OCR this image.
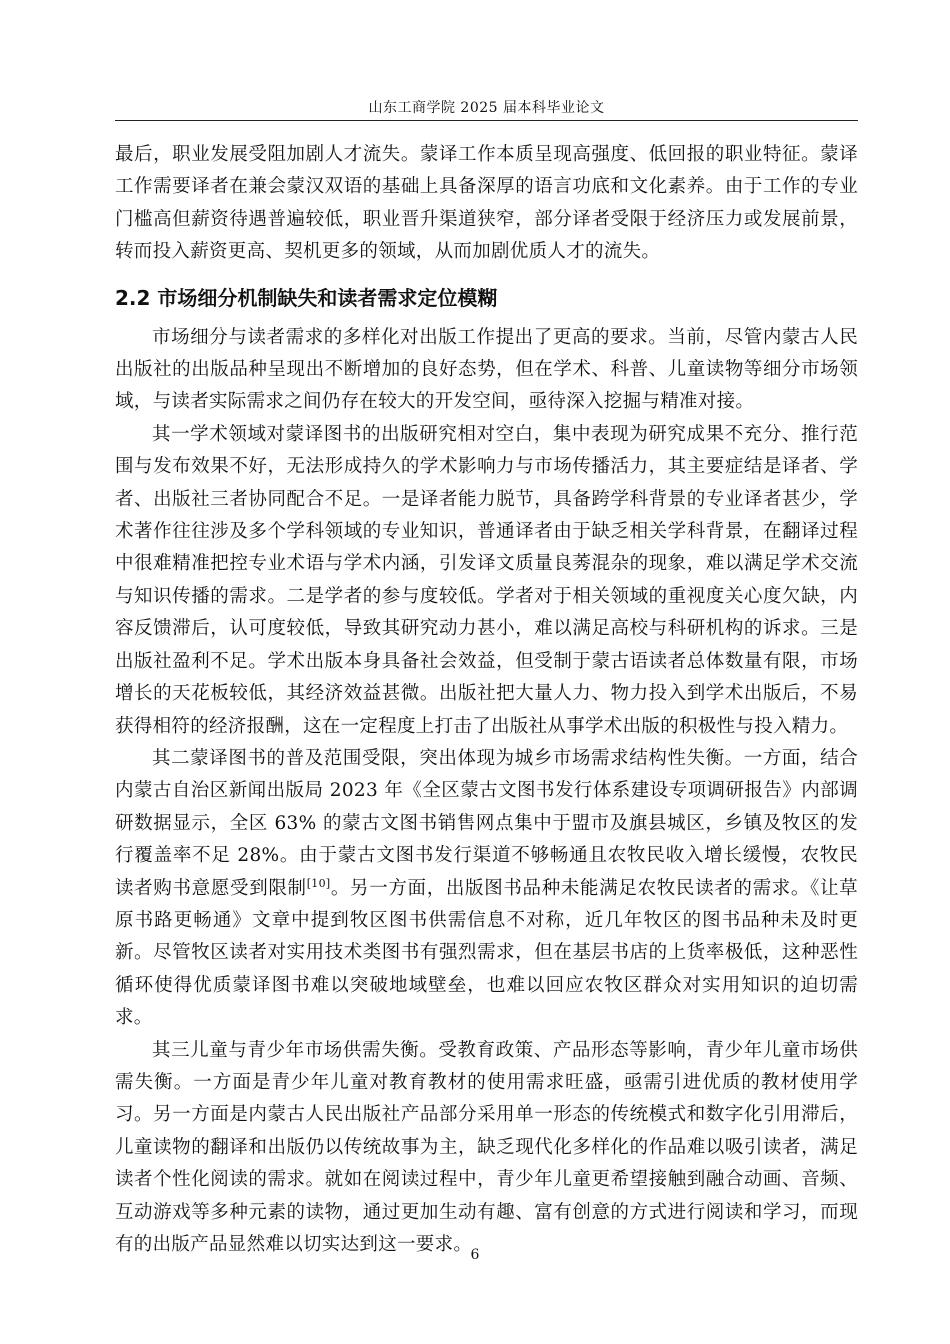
山东工商学院 2025 届本科毕业论文

最后，职业发展受阻加剧人才流失。蒙译工作本质呈现高强度、低回报的职业特征。蒙译工作需要译者在兼会蒙汉双语的基础上具备深厚的语言功底和文化素养。由于工作的专业门槛高但薪资待遇普遍较低，职业晋升渠道狭窄，部分译者受限于经济压力或发展前景，转而投入薪资更高、契机更多的领域，从而加剧优质人才的流失。

2.2 市场细分机制缺失和读者需求定位模糊

市场细分与读者需求的多样化对出版工作提出了更高的要求。当前，尽管内蒙古人民出版社的出版品种呈现出不断增加的良好态势，但在学术、科普、儿童读物等细分市场领域，与读者实际需求之间仍存在较大的开发空间，亟待深入挖掘与精准对接。

其一学术领域对蒙译图书的出版研究相对空白，集中表现为研究成果不充分、推行范围与发布效果不好，无法形成持久的学术影响力与市场传播活力，其主要症结是译者、学者、出版社三者协同配合不足。一是译者能力脱节，具备跨学科背景的专业译者甚少，学术著作往往涉及多个学科领域的专业知识，普通译者由于缺乏相关学科背景，在翻译过程中很难精准把控专业术语与学术内涵，引发译文质量良莠混杂的现象，难以满足学术交流与知识传播的需求。二是学者的参与度较低。学者对于相关领域的重视度关心度欠缺，内容反馈滞后，认可度较低，导致其研究动力甚小，难以满足高校与科研机构的诉求。三是出版社盈利不足。学术出版本身具备社会效益，但受制于蒙古语读者总体数量有限，市场增长的天花板较低，其经济效益甚微。出版社把大量人力、物力投入到学术出版后，不易获得相符的经济报酬，这在一定程度上打击了出版社从事学术出版的积极性与投入精力。

其二蒙译图书的普及范围受限，突出体现为城乡市场需求结构性失衡。一方面，结合内蒙古自治区新闻出版局 2023 年《全区蒙古文图书发行体系建设专项调研报告》内部调研数据显示，全区 63% 的蒙古文图书销售网点集中于盟市及旗县城区，乡镇及牧区的发行覆盖率不足 28%。由于蒙古文图书发行渠道不够畅通且农牧民收入增长缓慢，农牧民读者购书意愿受到限制[10]。另一方面，出版图书品种未能满足农牧民读者的需求。《让草原书路更畅通》文章中提到牧区图书供需信息不对称，近几年牧区的图书品种未及时更新。尽管牧区读者对实用技术类图书有强烈需求，但在基层书店的上货率极低，这种恶性循环使得优质蒙译图书难以突破地域壁垒，也难以回应农牧区群众对实用知识的迫切需求。

其三儿童与青少年市场供需失衡。受教育政策、产品形态等影响，青少年儿童市场供需失衡。一方面是青少年儿童对教育教材的使用需求旺盛，亟需引进优质的教材使用学习。另一方面是内蒙古人民出版社产品部分采用单一形态的传统模式和数字化引用滞后，儿童读物的翻译和出版仍以传统故事为主，缺乏现代化多样化的作品难以吸引读者，满足读者个性化阅读的需求。就如在阅读过程中，青少年儿童更希望接触到融合动画、音频、互动游戏等多种元素的读物，通过更加生动有趣、富有创意的方式进行阅读和学习，而现有的出版产品显然难以切实达到这一要求。

6
